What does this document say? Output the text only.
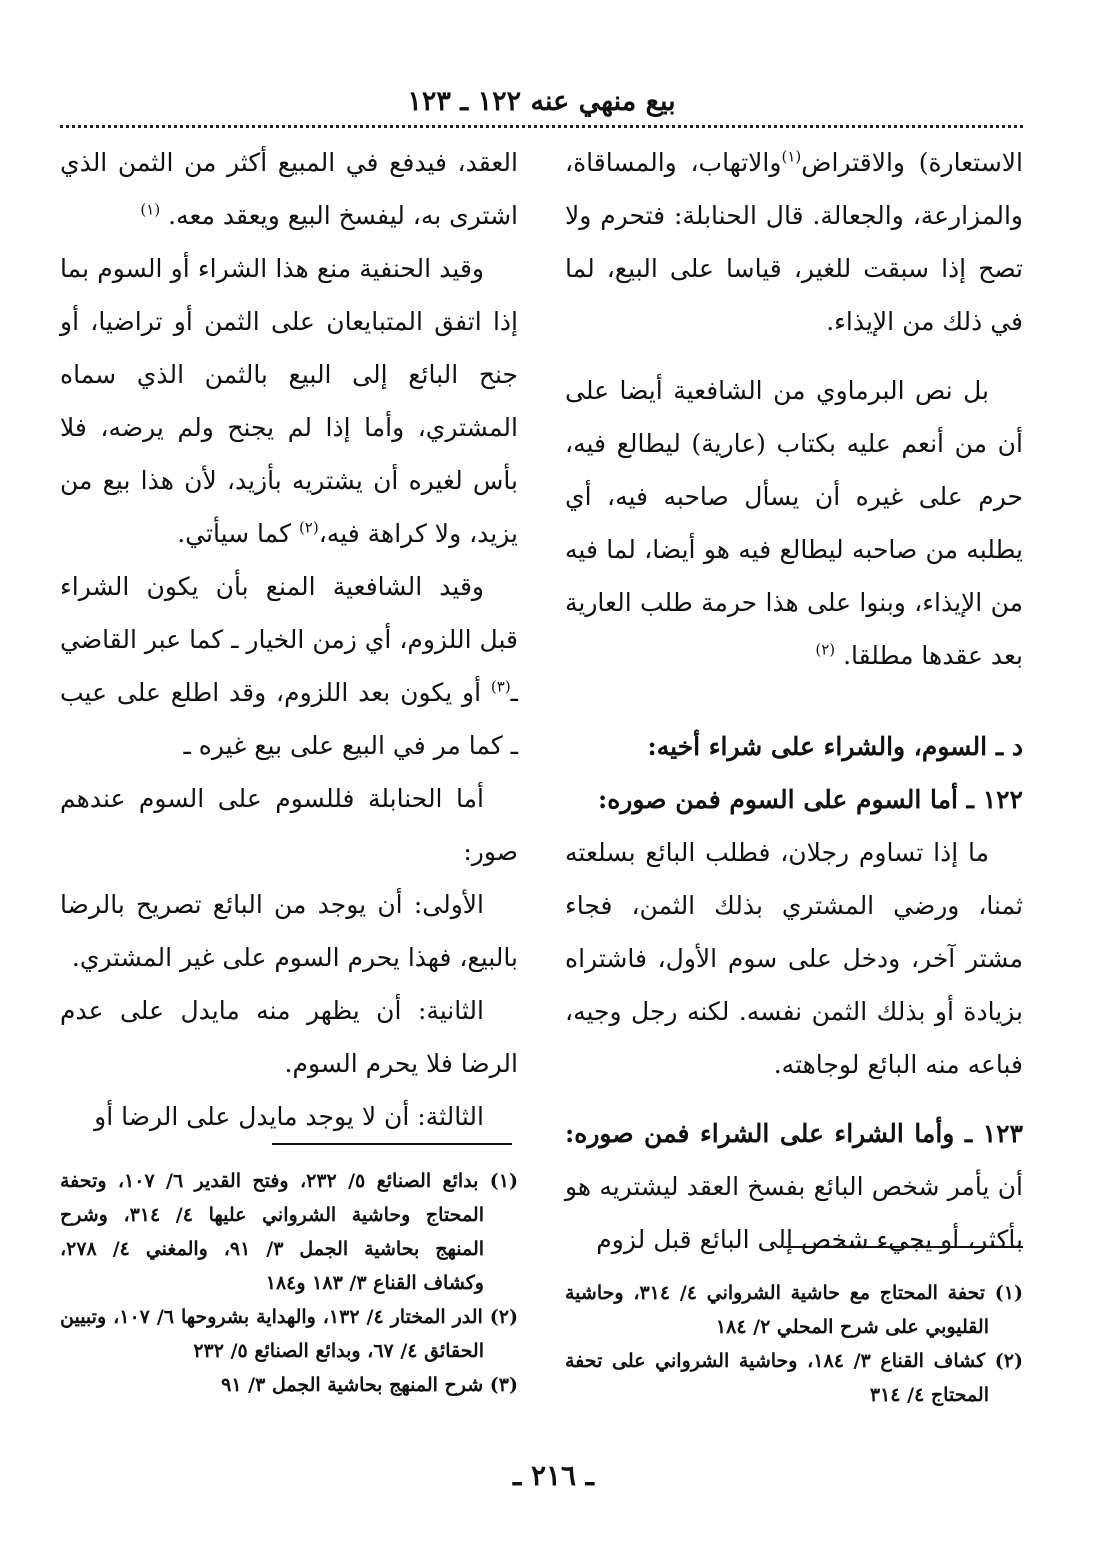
بيع منهي عنه ١٢٢ ـ ١٢٣

الاستعارة) والاقتراض$^{(١)}$والاتهاب، والمساقاة، والمزارعة، والجعالة. قال الحنابلة: فتحرم ولا تصح إذا سبقت للغير، قياسا على البيع، لما في ذلك من الإيذاء.

بل نص البرماوي من الشافعية أيضا على أن من أنعم عليه بكتاب (عارية) ليطالع فيه، حرم على غيره أن يسأل صاحبه فيه، أي يطلبه من صاحبه ليطالع فيه هو أيضا، لما فيه من الإيذاء، وبنوا على هذا حرمة طلب العارية بعد عقدها مطلقا. $^{(٢)}$

د ـ السوم، والشراء على شراء أخيه:

١٢٢ ـ أما السوم على السوم فمن صوره:

ما إذا تساوم رجلان، فطلب البائع بسلعته ثمنا، ورضي المشتري بذلك الثمن، فجاء مشتر آخر، ودخل على سوم الأول، فاشتراه بزيادة أو بذلك الثمن نفسه. لكنه رجل وجيه، فباعه منه البائع لوجاهته.

١٢٣ ـ وأما الشراء على الشراء فمن صوره: أن يأمر شخص البائع بفسخ العقد ليشتريه هو بأكثر، أو يجيء شخص إلى البائع قبل لزوم

العقد، فيدفع في المبيع أكثر من الثمن الذي اشترى به، ليفسخ البيع ويعقد معه. $^{(١)}$

وقيد الحنفية منع هذا الشراء أو السوم بما إذا اتفق المتبايعان على الثمن أو تراضيا، أو جنح البائع إلى البيع بالثمن الذي سماه المشتري، وأما إذا لم يجنح ولم يرضه، فلا بأس لغيره أن يشتريه بأزيد، لأن هذا بيع من يزيد، ولا كراهة فيه،$^{(٢)}$ كما سيأتي.

وقيد الشافعية المنع بأن يكون الشراء قبل اللزوم، أي زمن الخيار ـ كما عبر القاضي ـ$^{(٣)}$ أو يكون بعد اللزوم، وقد اطلع على عيب ـ كما مر في البيع على بيع غيره ـ

أما الحنابلة فللسوم على السوم عندهم صور:

الأولى: أن يوجد من البائع تصريح بالرضا بالبيع، فهذا يحرم السوم على غير المشتري.

الثانية: أن يظهر منه مايدل على عدم الرضا فلا يحرم السوم.

الثالثة: أن لا يوجد مايدل على الرضا أو

(١) تحفة المحتاج مع حاشية الشرواني ٤/ ٣١٤، وحاشية القليوبي على شرح المحلي ٢/ ١٨٤

(٢) كشاف القناع ٣/ ١٨٤، وحاشية الشرواني على تحفة المحتاج ٤/ ٣١٤

(١) بدائع الصنائع ٥/ ٢٣٢، وفتح القدير ٦/ ١٠٧، وتحفة المحتاج وحاشية الشرواني عليها ٤/ ٣١٤، وشرح المنهج بحاشية الجمل ٣/ ٩١، والمغني ٤/ ٢٧٨، وكشاف القناع ٣/ ١٨٣ و١٨٤

(٢) الدر المختار ٤/ ١٣٢، والهداية بشروحها ٦/ ١٠٧، وتبيين الحقائق ٤/ ٦٧، وبدائع الصنائع ٥/ ٢٣٢

(٣) شرح المنهج بحاشية الجمل ٣/ ٩١

ـ ٢١٦ ـ
